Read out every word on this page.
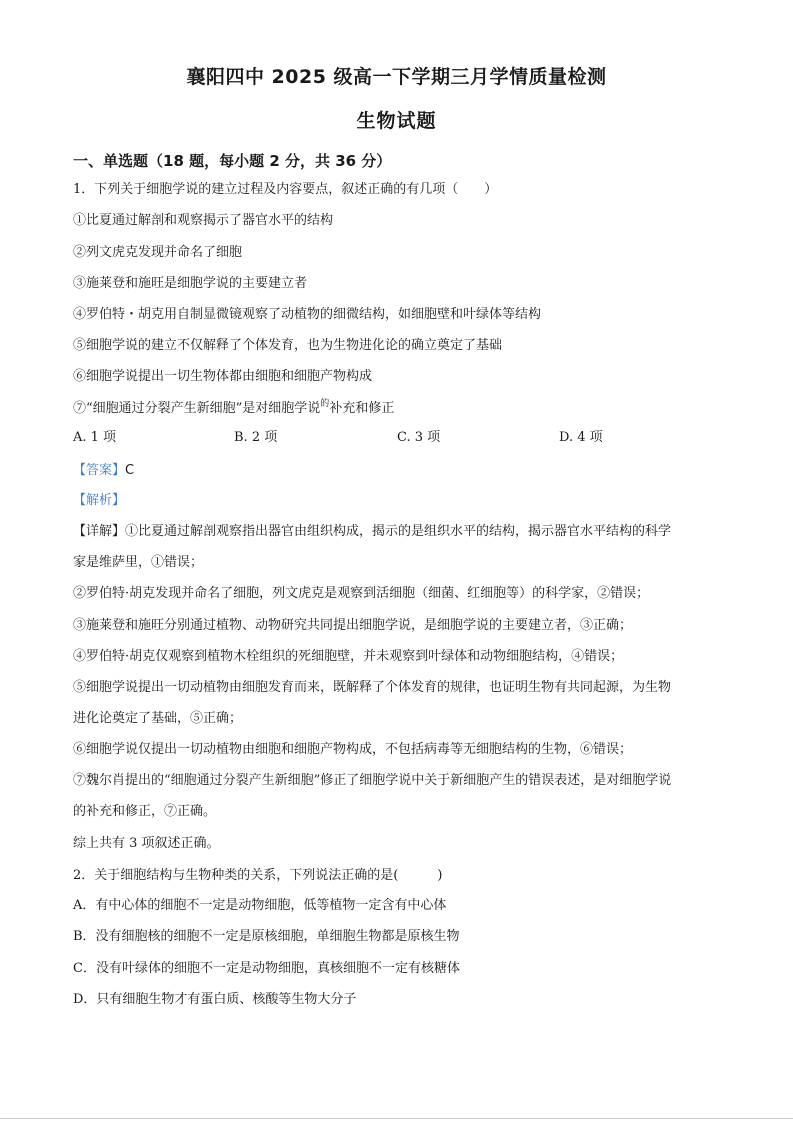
襄阳四中 2025 级高一下学期三月学情质量检测
生物试题
一、单选题（18 题，每小题 2 分，共 36 分）
1．下列关于细胞学说的建立过程及内容要点，叙述正确的有几项（　　）
①比夏通过解剖和观察揭示了器官水平的结构
②列文虎克发现并命名了细胞
③施莱登和施旺是细胞学说的主要建立者
④罗伯特・胡克用自制显微镜观察了动植物的细微结构，如细胞壁和叶绿体等结构
⑤细胞学说的建立不仅解释了个体发育，也为生物进化论的确立奠定了基础
⑥细胞学说提出一切生物体都由细胞和细胞产物构成
⑦“细胞通过分裂产生新细胞”是对细胞学说$^的$补充和修正
A. 1 项	B. 2 项	C. 3 项	D. 4 项
【答案】C
【解析】
【详解】①比夏通过解剖观察指出器官由组织构成，揭示的是组织水平的结构，揭示器官水平结构的科学
家是维萨里，①错误；
②罗伯特·胡克发现并命名了细胞，列文虎克是观察到活细胞（细菌、红细胞等）的科学家，②错误；
③施莱登和施旺分别通过植物、动物研究共同提出细胞学说，是细胞学说的主要建立者，③正确；
④罗伯特·胡克仅观察到植物木栓组织的死细胞壁，并未观察到叶绿体和动物细胞结构，④错误；
⑤细胞学说提出一切动植物由细胞发育而来，既解释了个体发育的规律，也证明生物有共同起源，为生物
进化论奠定了基础，⑤正确；
⑥细胞学说仅提出一切动植物由细胞和细胞产物构成，不包括病毒等无细胞结构的生物，⑥错误；
⑦魏尔肖提出的“细胞通过分裂产生新细胞”修正了细胞学说中关于新细胞产生的错误表述，是对细胞学说
的补充和修正，⑦正确。
综上共有 3 项叙述正确。
2．关于细胞结构与生物种类的关系，下列说法正确的是(　　　)
A．有中心体的细胞不一定是动物细胞，低等植物一定含有中心体
B．没有细胞核的细胞不一定是原核细胞，单细胞生物都是原核生物
C．没有叶绿体的细胞不一定是动物细胞，真核细胞不一定有核糖体
D．只有细胞生物才有蛋白质、核酸等生物大分子
